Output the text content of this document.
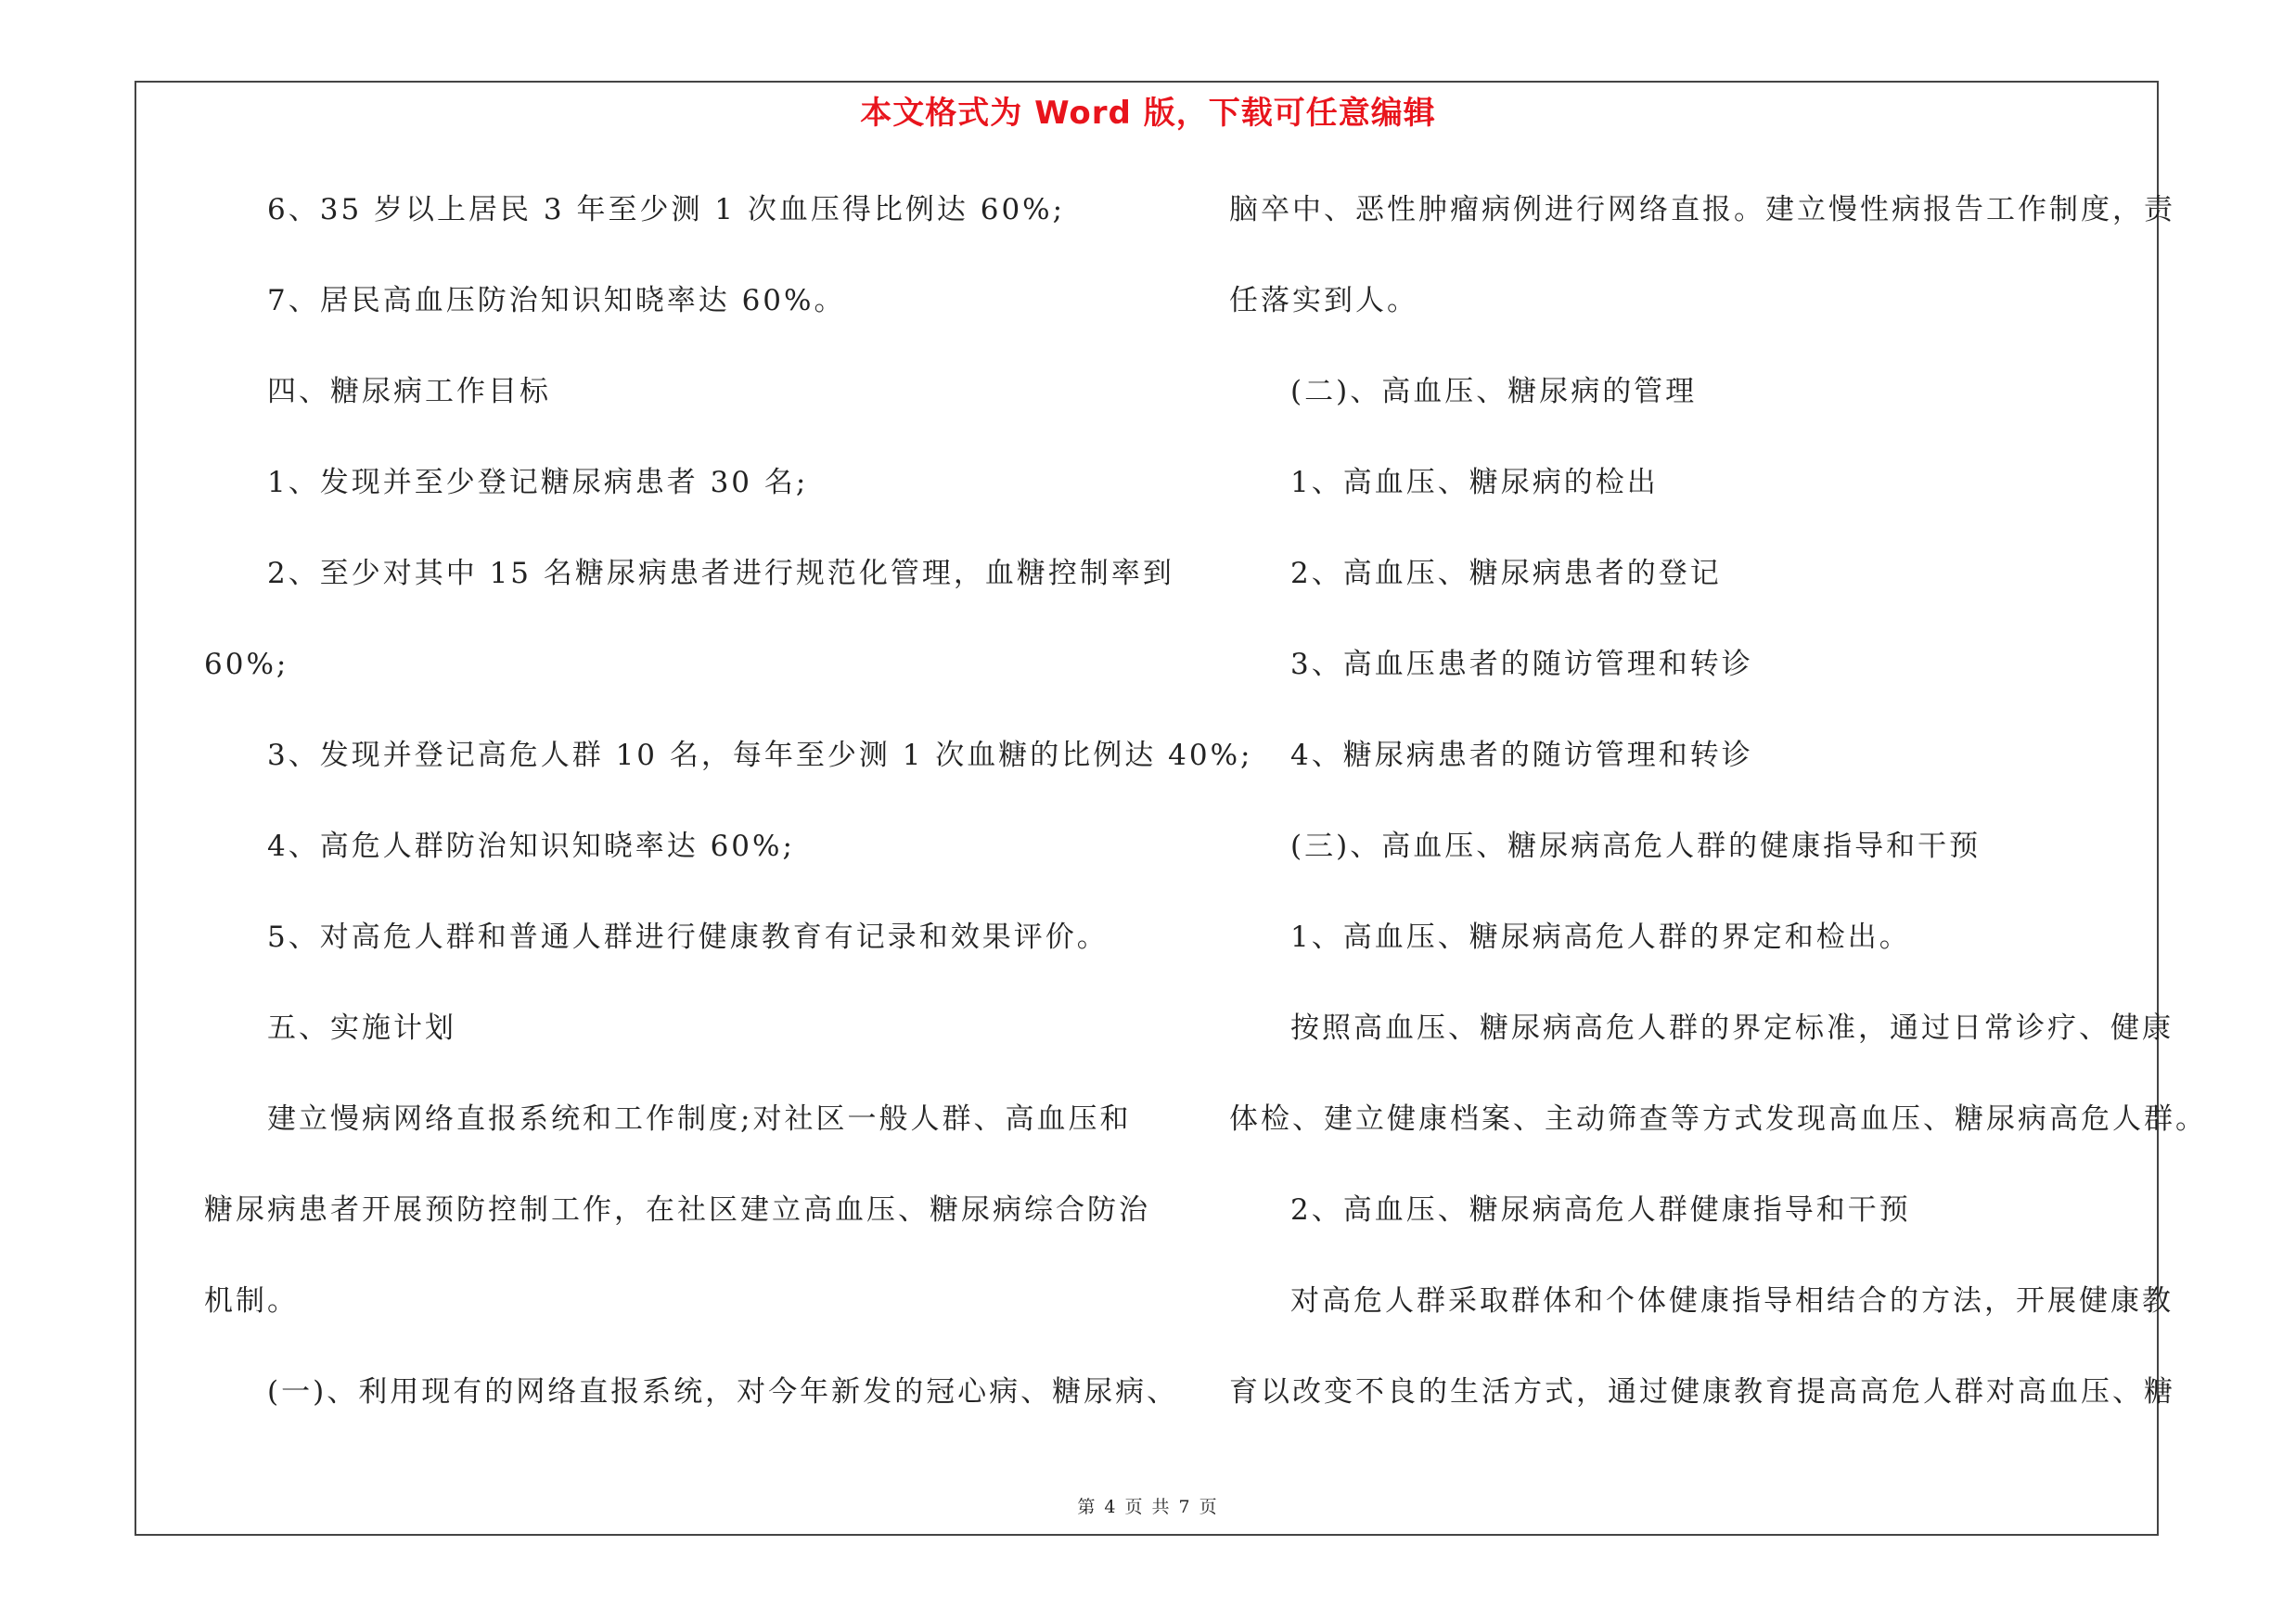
本文格式为 Word 版，下载可任意编辑
6、35 岁以上居民 3 年至少测 1 次血压得比例达 60%;
7、居民高血压防治知识知晓率达 60%。
四、糖尿病工作目标
1、发现并至少登记糖尿病患者 30 名;
2、至少对其中 15 名糖尿病患者进行规范化管理，血糖控制率到
60%;
3、发现并登记高危人群 10 名，每年至少测 1 次血糖的比例达 40%;
4、高危人群防治知识知晓率达 60%;
5、对高危人群和普通人群进行健康教育有记录和效果评价。
五、实施计划
建立慢病网络直报系统和工作制度;对社区一般人群、高血压和
糖尿病患者开展预防控制工作，在社区建立高血压、糖尿病综合防治
机制。
(一)、利用现有的网络直报系统，对今年新发的冠心病、糖尿病、
脑卒中、恶性肿瘤病例进行网络直报。建立慢性病报告工作制度，责
任落实到人。
(二)、高血压、糖尿病的管理
1、高血压、糖尿病的检出
2、高血压、糖尿病患者的登记
3、高血压患者的随访管理和转诊
4、糖尿病患者的随访管理和转诊
(三)、高血压、糖尿病高危人群的健康指导和干预
1、高血压、糖尿病高危人群的界定和检出。
按照高血压、糖尿病高危人群的界定标准，通过日常诊疗、健康
体检、建立健康档案、主动筛查等方式发现高血压、糖尿病高危人群。
2、高血压、糖尿病高危人群健康指导和干预
对高危人群采取群体和个体健康指导相结合的方法，开展健康教
育以改变不良的生活方式，通过健康教育提高高危人群对高血压、糖
第 4 页 共 7 页
